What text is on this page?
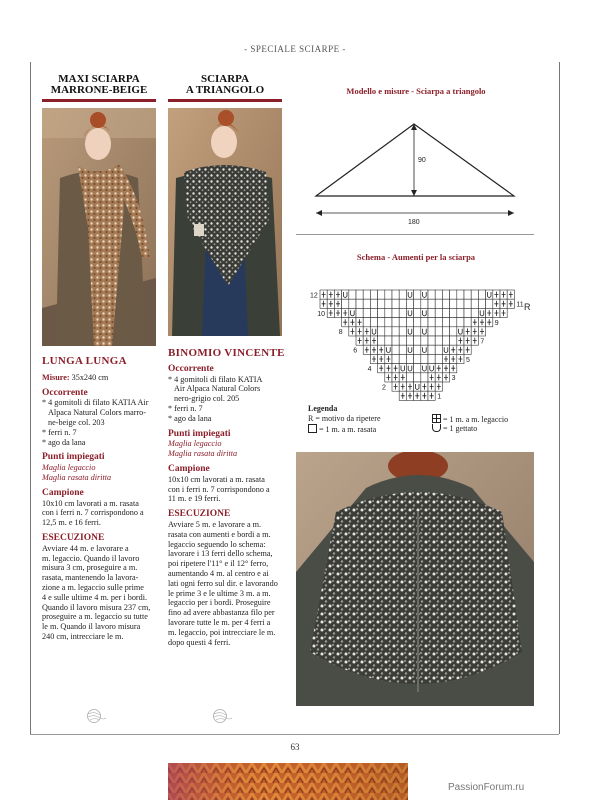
- SPECIALE SCIARPE -
MAXI SCIARPA
MARRONE-BEIGE
SCIARPA
A TRIANGOLO

LUNGA LUNGA

Misure: 35x240 cm

Occorrente

* 4 gomitoli di filato KATIA Air

Alpaca Natural Colors marro-

ne-beige col. 203

* ferri n. 7

* ago da lana

Punti impiegati

Maglia legaccio

Maglia rasata diritta

Campione

10x10 cm lavorati a m. rasata

con i ferri n. 7 corrispondono a

12,5 m. e 16 ferri.

ESECUZIONE

Avviare 44 m. e lavorare a

m. legaccio. Quando il lavoro

misura 3 cm, proseguire a m.

rasata, mantenendo la lavora-

zione a m. legaccio sulle prime

4 e sulle ultime 4 m. per i bordi.

Quando il lavoro misura 237 cm,

proseguire a m. legaccio su tutte

le m. Quando il lavoro misura

240 cm, intrecciare le m.

BINOMIO VINCENTE

Occorrente

* 4 gomitoli di filato KATIA

Air Alpaca Natural Colors

nero-grigio col. 205

* ferri n. 7

* ago da lana

Punti impiegati

Maglia legaccio

Maglia rasata diritta

Campione

10x10 cm lavorati a m. rasata

con i ferri n. 7 corrispondono a

11 m. e 19 ferri.

ESECUZIONE

Avviare 5 m. e lavorare a m.

rasata con aumenti e bordi a m.

legaccio seguendo lo schema:

lavorare i 13 ferri dello schema,

poi ripetere l'11° e il 12° ferro,

aumentando 4 m. al centro e ai

lati ogni ferro sul dir. e lavorando

le prime 3 e le ultime 3 m. a m.

legaccio per i bordi. Proseguire

fino ad avere abbastanza filo per

lavorare tutte le m. per 4 ferri a

m. legaccio, poi intrecciare le m.

dopo questi 4 ferri.

Modello e misure - Sciarpa a triangolo
90
180
Schema - Aumenti per la sciarpa
12
11
10
9
8
7
6
5
4
3
2
1
R
Legenda
R = motivo da ripetere	= 1 m. a m. legaccio
= 1 m. a m. rasata	= 1 gettato
63
PassionForum.ru
